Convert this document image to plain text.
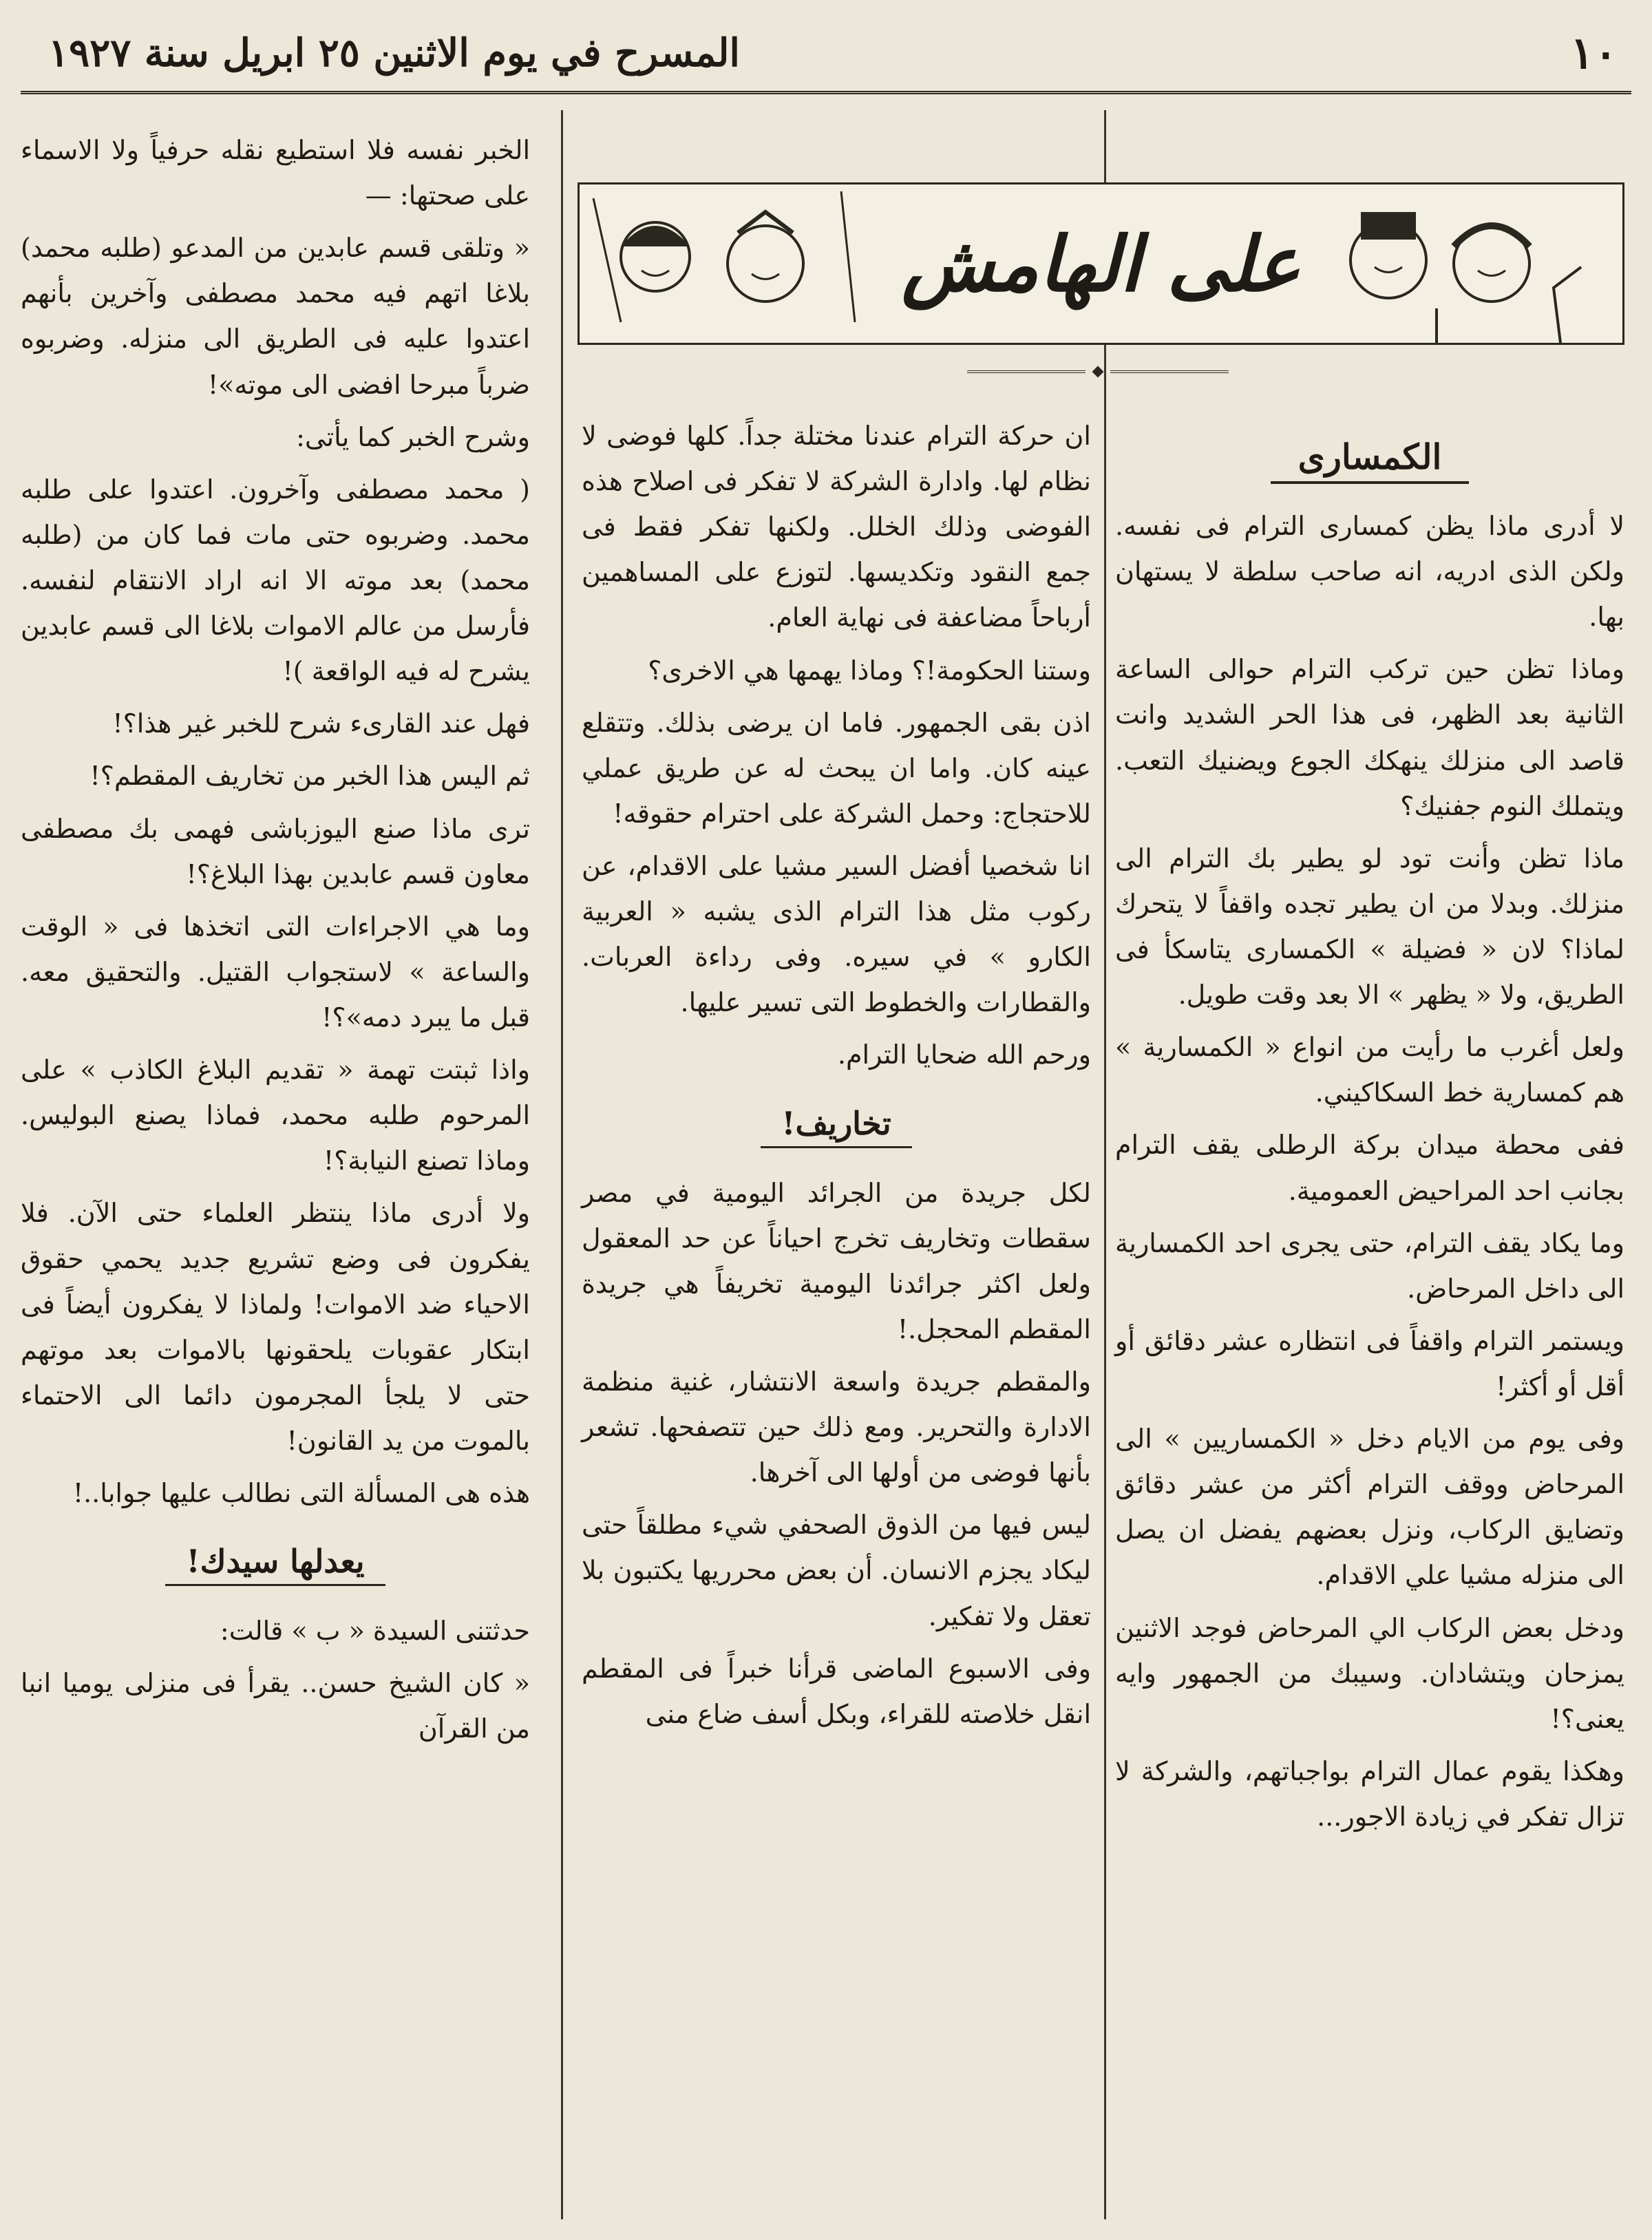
١٠
المسرح في يوم الاثنين ٢٥ ابريل سنة ١٩٢٧
على الهامش
الكمسارى

لا أدرى ماذا يظن كمسارى الترام فى نفسه. ولكن الذى ادريه، انه صاحب سلطة لا يستهان بها.

وماذا تظن حين تركب الترام حوالى الساعة الثانية بعد الظهر، فى هذا الحر الشديد وانت قاصد الى منزلك ينهكك الجوع ويضنيك التعب. ويتملك النوم جفنيك؟

ماذا تظن وأنت تود لو يطير بك الترام الى منزلك. وبدلا من ان يطير تجده واقفاً لا يتحرك لماذا؟ لان « فضيلة » الكمسارى يتاسكأ فى الطريق، ولا « يظهر » الا بعد وقت طويل.

ولعل أغرب ما رأيت من انواع « الكمسارية » هم كمسارية خط السكاكيني.

ففى محطة ميدان بركة الرطلى يقف الترام بجانب احد المراحيض العمومية.

وما يكاد يقف الترام، حتى يجرى احد الكمسارية الى داخل المرحاض.

ويستمر الترام واقفاً فى انتظاره عشر دقائق أو أقل أو أكثر!

وفى يوم من الايام دخل « الكمساريين » الى المرحاض ووقف الترام أكثر من عشر دقائق وتضايق الركاب، ونزل بعضهم يفضل ان يصل الى منزله مشيا علي الاقدام.

ودخل بعض الركاب الي المرحاض فوجد الاثنين يمزحان ويتشادان. وسيبك من الجمهور وايه يعنى؟!

وهكذا يقوم عمال الترام بواجباتهم، والشركة لا تزال تفكر في زيادة الاجور...

ان حركة الترام عندنا مختلة جداً. كلها فوضى لا نظام لها. وادارة الشركة لا تفكر فى اصلاح هذه الفوضى وذلك الخلل. ولكنها تفكر فقط فى جمع النقود وتكديسها. لتوزع على المساهمين أرباحاً مضاعفة فى نهاية العام.

وستنا الحكومة!؟ وماذا يهمها هي الاخرى؟

اذن بقى الجمهور. فاما ان يرضى بذلك. وتتقلع عينه كان. واما ان يبحث له عن طريق عملي للاحتجاج: وحمل الشركة على احترام حقوقه!

انا شخصيا أفضل السير مشيا على الاقدام، عن ركوب مثل هذا الترام الذى يشبه « العربية الكارو » في سيره. وفى رداءة العربات. والقطارات والخطوط التى تسير عليها.

ورحم الله ضحايا الترام.

تخاريف!

لكل جريدة من الجرائد اليومية في مصر سقطات وتخاريف تخرج احياناً عن حد المعقول ولعل اكثر جرائدنا اليومية تخريفاً هي جريدة المقطم المحجل.!

والمقطم جريدة واسعة الانتشار، غنية منظمة الادارة والتحرير. ومع ذلك حين تتصفحها. تشعر بأنها فوضى من أولها الى آخرها.

ليس فيها من الذوق الصحفي شيء مطلقاً حتى ليكاد يجزم الانسان. أن بعض محرريها يكتبون بلا تعقل ولا تفكير.

وفى الاسبوع الماضى قرأنا خبراً فى المقطم انقل خلاصته للقراء، وبكل أسف ضاع منى

الخبر نفسه فلا استطيع نقله حرفياً ولا الاسماء على صحتها: —

« وتلقى قسم عابدين من المدعو (طلبه محمد) بلاغا اتهم فيه محمد مصطفى وآخرين بأنهم اعتدوا عليه فى الطريق الى منزله. وضربوه ضرباً مبرحا افضى الى موته»!

وشرح الخبر كما يأتى:

( محمد مصطفى وآخرون. اعتدوا على طلبه محمد. وضربوه حتى مات فما كان من (طلبه محمد) بعد موته الا انه اراد الانتقام لنفسه. فأرسل من عالم الاموات بلاغا الى قسم عابدين يشرح له فيه الواقعة )!

فهل عند القارىء شرح للخبر غير هذا؟!

ثم اليس هذا الخبر من تخاريف المقطم؟!

ترى ماذا صنع اليوزباشى فهمى بك مصطفى معاون قسم عابدين بهذا البلاغ؟!

وما هي الاجراءات التى اتخذها فى « الوقت والساعة » لاستجواب القتيل. والتحقيق معه. قبل ما يبرد دمه»؟!

واذا ثبتت تهمة « تقديم البلاغ الكاذب » على المرحوم طلبه محمد، فماذا يصنع البوليس. وماذا تصنع النيابة؟!

ولا أدرى ماذا ينتظر العلماء حتى الآن. فلا يفكرون فى وضع تشريع جديد يحمي حقوق الاحياء ضد الاموات! ولماذا لا يفكرون أيضاً فى ابتكار عقوبات يلحقونها بالاموات بعد موتهم حتى لا يلجأ المجرمون دائما الى الاحتماء بالموت من يد القانون!

هذه هى المسألة التى نطالب عليها جوابا..!

يعدلها سيدك!

حدثتنى السيدة « ب » قالت:

« كان الشيخ حسن.. يقرأ فى منزلى يوميا انبا من القرآن
